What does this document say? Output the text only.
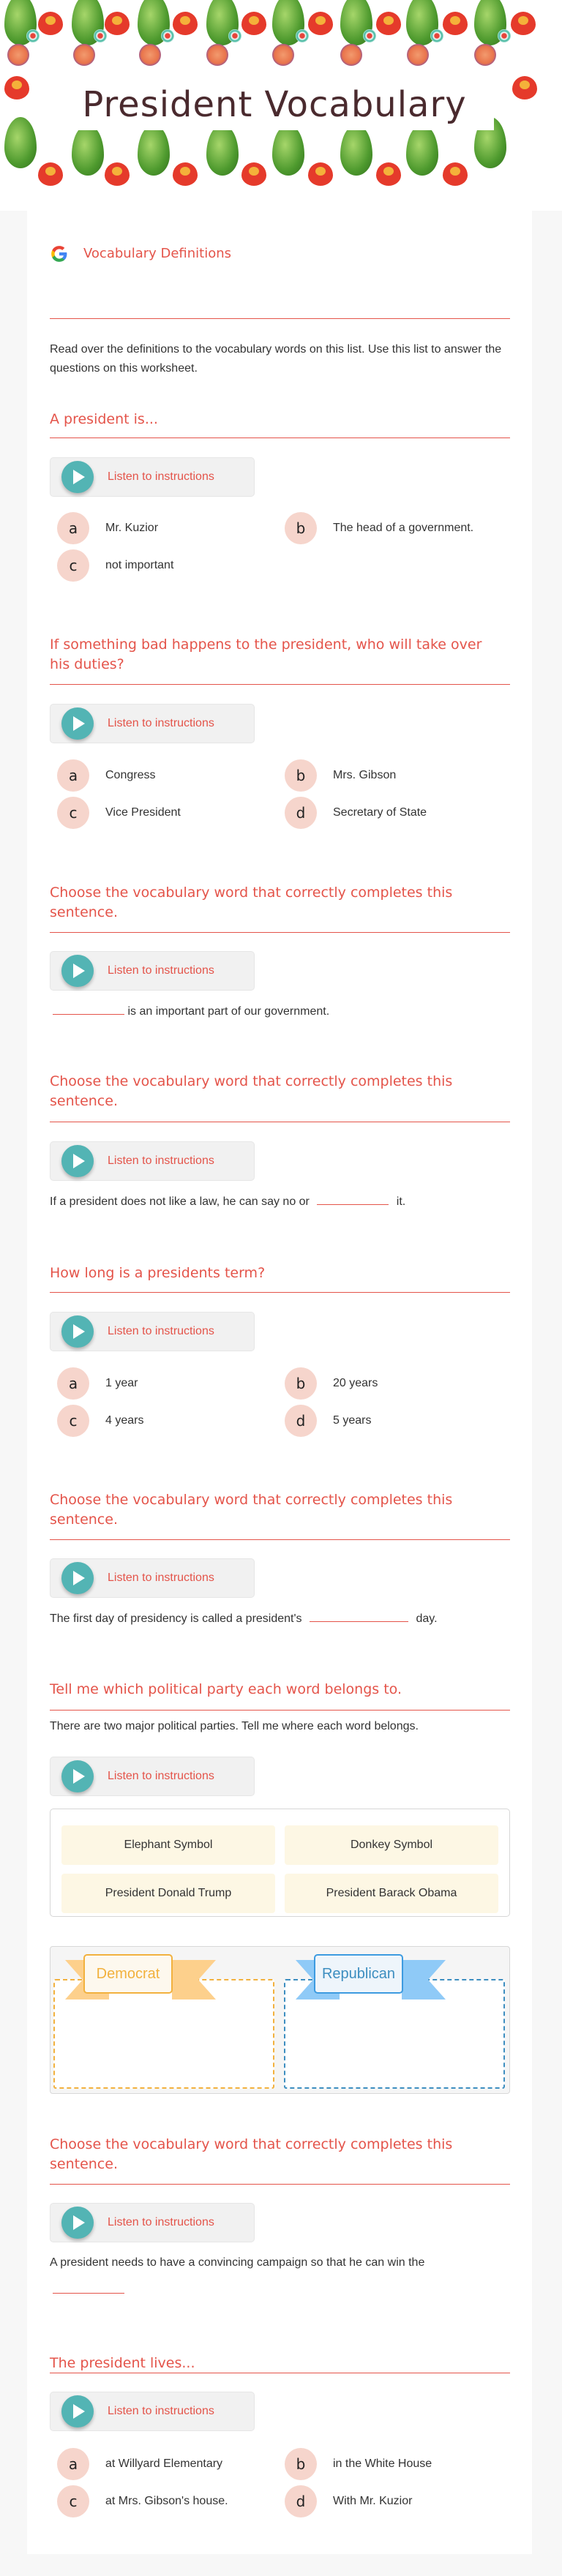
President Vocabulary
Vocabulary Definitions

Read over the definitions to the vocabulary words on this list. Use this list to answer the questions on this worksheet.

A president is...
Listen to instructions
a	Mr. Kuzior	b	The head of a government.
c	not important
If something bad happens to the president, who will take over his duties?
Listen to instructions
a	Congress	b	Mrs. Gibson
c	Vice President	d	Secretary of State
Choose the vocabulary word that correctly completes this sentence.
Listen to instructions

is an important part of our government.

Choose the vocabulary word that correctly completes this sentence.
Listen to instructions

If a president does not like a law, he can say no or	it.

How long is a presidents term?
Listen to instructions
a	1 year	b	20 years
c	4 years	d	5 years
Choose the vocabulary word that correctly completes this sentence.
Listen to instructions

The first day of presidency is called a president's	day.

Tell me which political party each word belongs to.

There are two major political parties. Tell me where each word belongs.

Listen to instructions
Elephant Symbol	Donkey Symbol
President Donald Trump	President Barack Obama
Democrat	Republican
Choose the vocabulary word that correctly completes this sentence.
Listen to instructions

A president needs to have a convincing campaign so that he can win the

The president lives...
Listen to instructions
a	at Willyard Elementary	b	in the White House
c	at Mrs. Gibson's house.	d	With Mr. Kuzior
